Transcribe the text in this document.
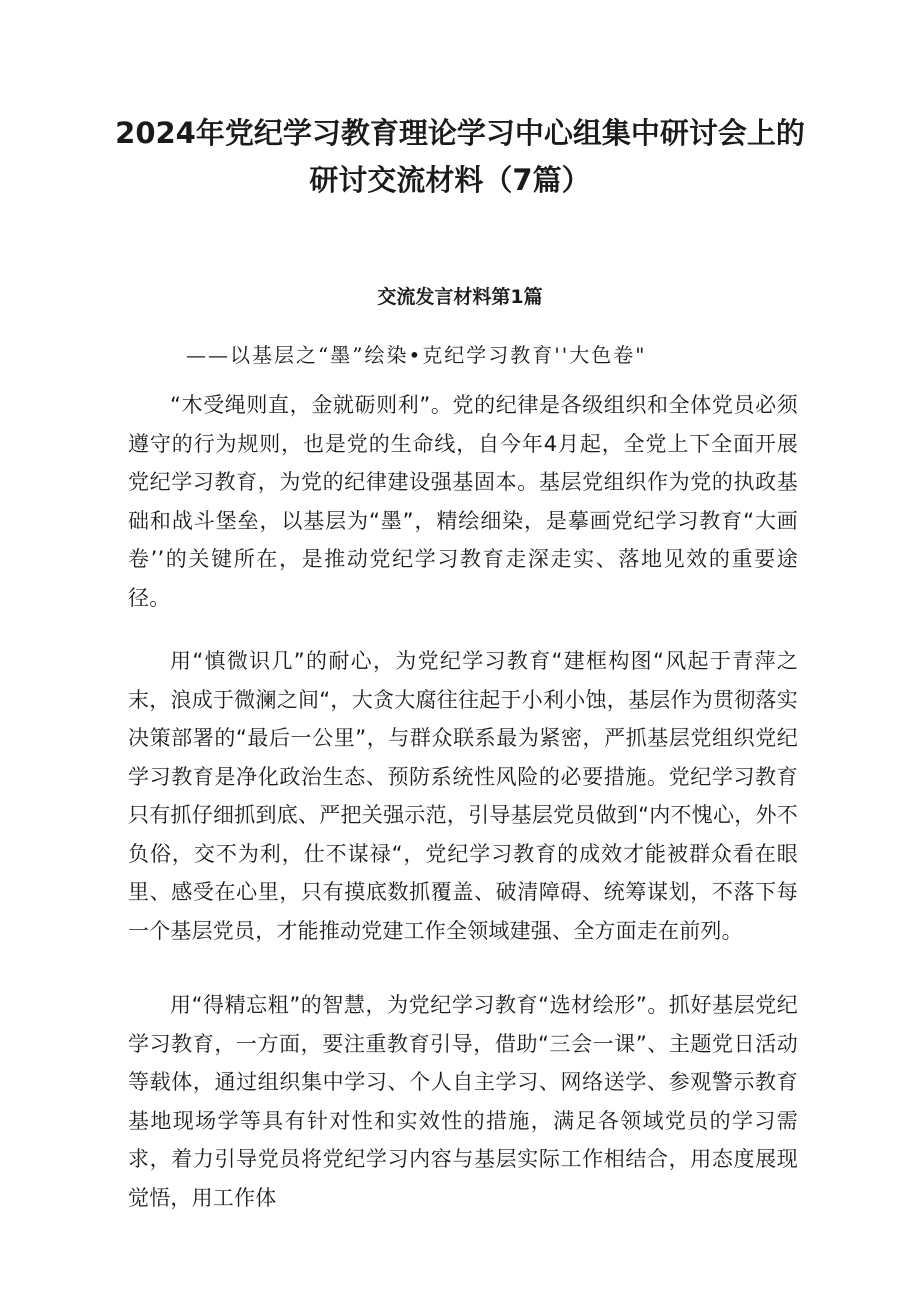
2024年党纪学习教育理论学习中心组集中研讨会上的
研讨交流材料（7篇）
交流发言材料第1篇
——以基层之“墨”绘染•克纪学习教育''大色卷"

“木受绳则直，金就砺则利”。党的纪律是各级组织和全体党员必须遵守的行为规则，也是党的生命线，自今年4月起，全党上下全面开展党纪学习教育，为党的纪律建设强基固本。基层党组织作为党的执政基础和战斗堡垒，以基层为“墨”，精绘细染，是摹画党纪学习教育“大画卷’’的关键所在，是推动党纪学习教育走深走实、落地见效的重要途径。

用“慎微识几”的耐心，为党纪学习教育“建框构图“风起于青萍之末，浪成于微澜之间“，大贪大腐往往起于小利小蚀，基层作为贯彻落实决策部署的“最后一公里”，与群众联系最为紧密，严抓基层党组织党纪学习教育是净化政治生态、预防系统性风险的必要措施。党纪学习教育只有抓仔细抓到底、严把关强示范，引导基层党员做到“内不愧心，外不负俗，交不为利，仕不谋禄“，党纪学习教育的成效才能被群众看在眼里、感受在心里，只有摸底数抓覆盖、破清障碍、统筹谋划，不落下每一个基层党员，才能推动党建工作全领域建强、全方面走在前列。

用“得精忘粗”的智慧，为党纪学习教育“选材绘形”。抓好基层党纪学习教育，一方面，要注重教育引导，借助“三会一课”、主题党日活动等载体，通过组织集中学习、个人自主学习、网络送学、参观警示教育基地现场学等具有针对性和实效性的措施，满足各领域党员的学习需求，着力引导党员将党纪学习内容与基层实际工作相结合，用态度展现觉悟，用工作体
